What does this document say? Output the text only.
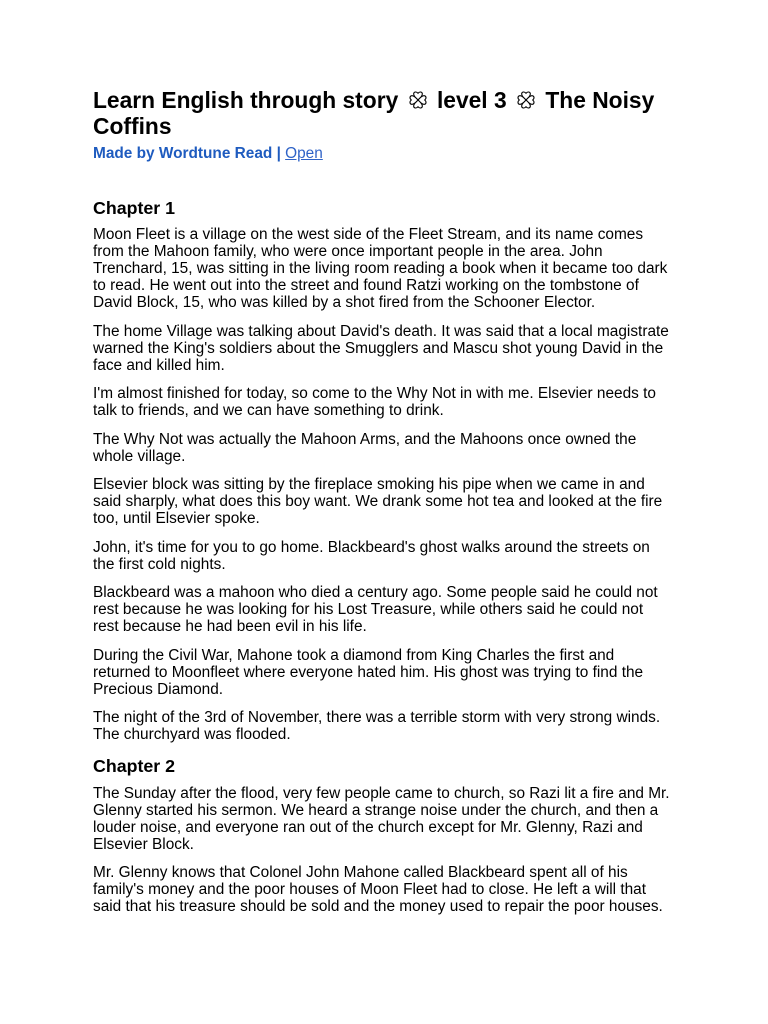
Learn English through story level 3 The Noisy Coffins
Made by Wordtune Read | Open
Chapter 1

Moon Fleet is a village on the west side of the Fleet Stream, and its name comes
from the Mahoon family, who were once important people in the area. John
Trenchard, 15, was sitting in the living room reading a book when it became too dark
to read. He went out into the street and found Ratzi working on the tombstone of
David Block, 15, who was killed by a shot fired from the Schooner Elector.

The home Village was talking about David's death. It was said that a local magistrate
warned the King's soldiers about the Smugglers and Mascu shot young David in the
face and killed him.

I'm almost finished for today, so come to the Why Not in with me. Elsevier needs to
talk to friends, and we can have something to drink.

The Why Not was actually the Mahoon Arms, and the Mahoons once owned the
whole village.

Elsevier block was sitting by the fireplace smoking his pipe when we came in and
said sharply, what does this boy want. We drank some hot tea and looked at the fire
too, until Elsevier spoke.

John, it's time for you to go home. Blackbeard's ghost walks around the streets on
the first cold nights.

Blackbeard was a mahoon who died a century ago. Some people said he could not
rest because he was looking for his Lost Treasure, while others said he could not
rest because he had been evil in his life.

During the Civil War, Mahone took a diamond from King Charles the first and
returned to Moonfleet where everyone hated him. His ghost was trying to find the
Precious Diamond.

The night of the 3rd of November, there was a terrible storm with very strong winds.
The churchyard was flooded.

Chapter 2

The Sunday after the flood, very few people came to church, so Razi lit a fire and Mr.
Glenny started his sermon. We heard a strange noise under the church, and then a
louder noise, and everyone ran out of the church except for Mr. Glenny, Razi and
Elsevier Block.

Mr. Glenny knows that Colonel John Mahone called Blackbeard spent all of his
family's money and the poor houses of Moon Fleet had to close. He left a will that
said that his treasure should be sold and the money used to repair the poor houses.
